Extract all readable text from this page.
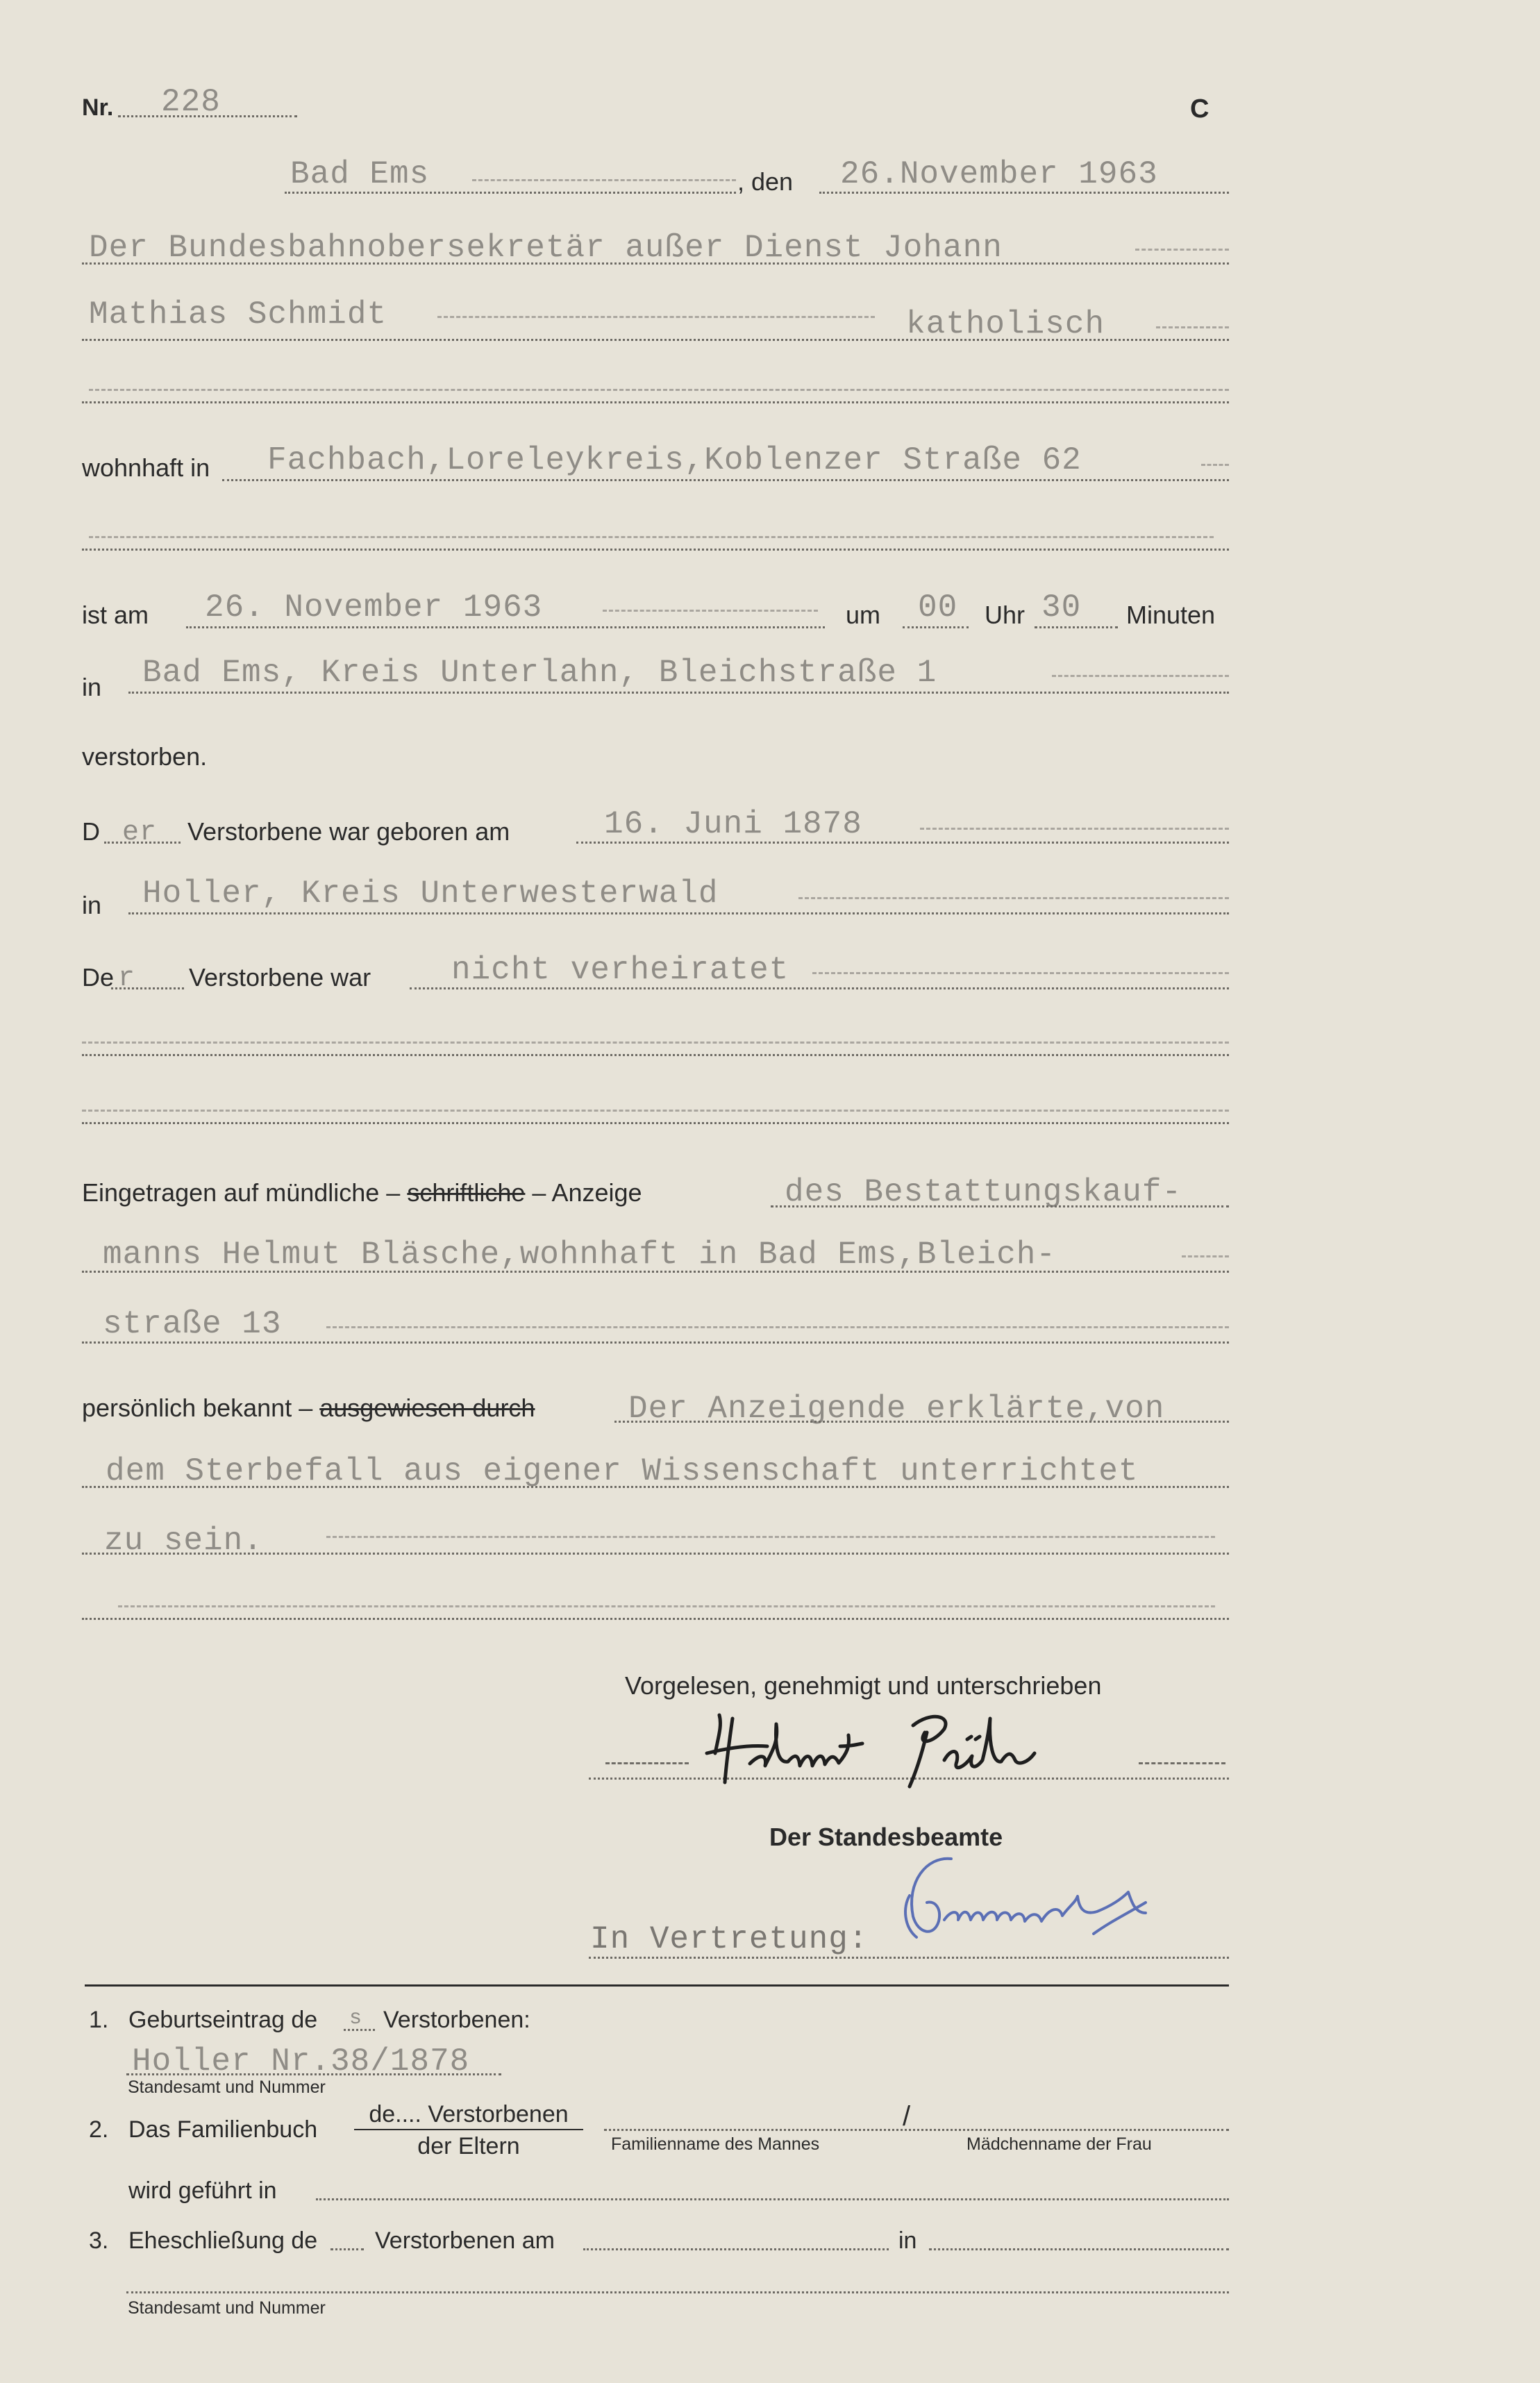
Nr. 228	C
Bad Ems	, den 26.November 1963
Der Bundesbahnobersekretär außer Dienst Johann
Mathias Schmidt	katholisch
wohnhaft in Fachbach,Loreleykreis,Koblenzer Straße 62
ist am 26. November 1963	um 00 Uhr 30 Minuten
in Bad Ems, Kreis Unterlahn, Bleichstraße 1
verstorben.
D er Verstorbene war geboren am	16. Juni 1878
in Holler, Kreis Unterwesterwald
De r Verstorbene war	nicht verheiratet
Eingetragen auf mündliche – schriftliche – Anzeige	des Bestattungskauf-
manns Helmut Bläsche,wohnhaft in Bad Ems,Bleich-
straße 13
persönlich bekannt – ausgewiesen durch	Der Anzeigende erklärte,von
dem Sterbefall aus eigener Wissenschaft unterrichtet
zu sein.
Vorgelesen, genehmigt und unterschrieben
Der Standesbeamte
In Vertretung:
1. Geburtseintrag de s Verstorbenen:
Holler Nr.38/1878
Standesamt und Nummer
2. Das Familienbuch
de.... Verstorbenen
der Eltern
/
Familienname des Mannes	Mädchenname der Frau
wird geführt in
3. Eheschließung de Verstorbenen am	in
Standesamt und Nummer
